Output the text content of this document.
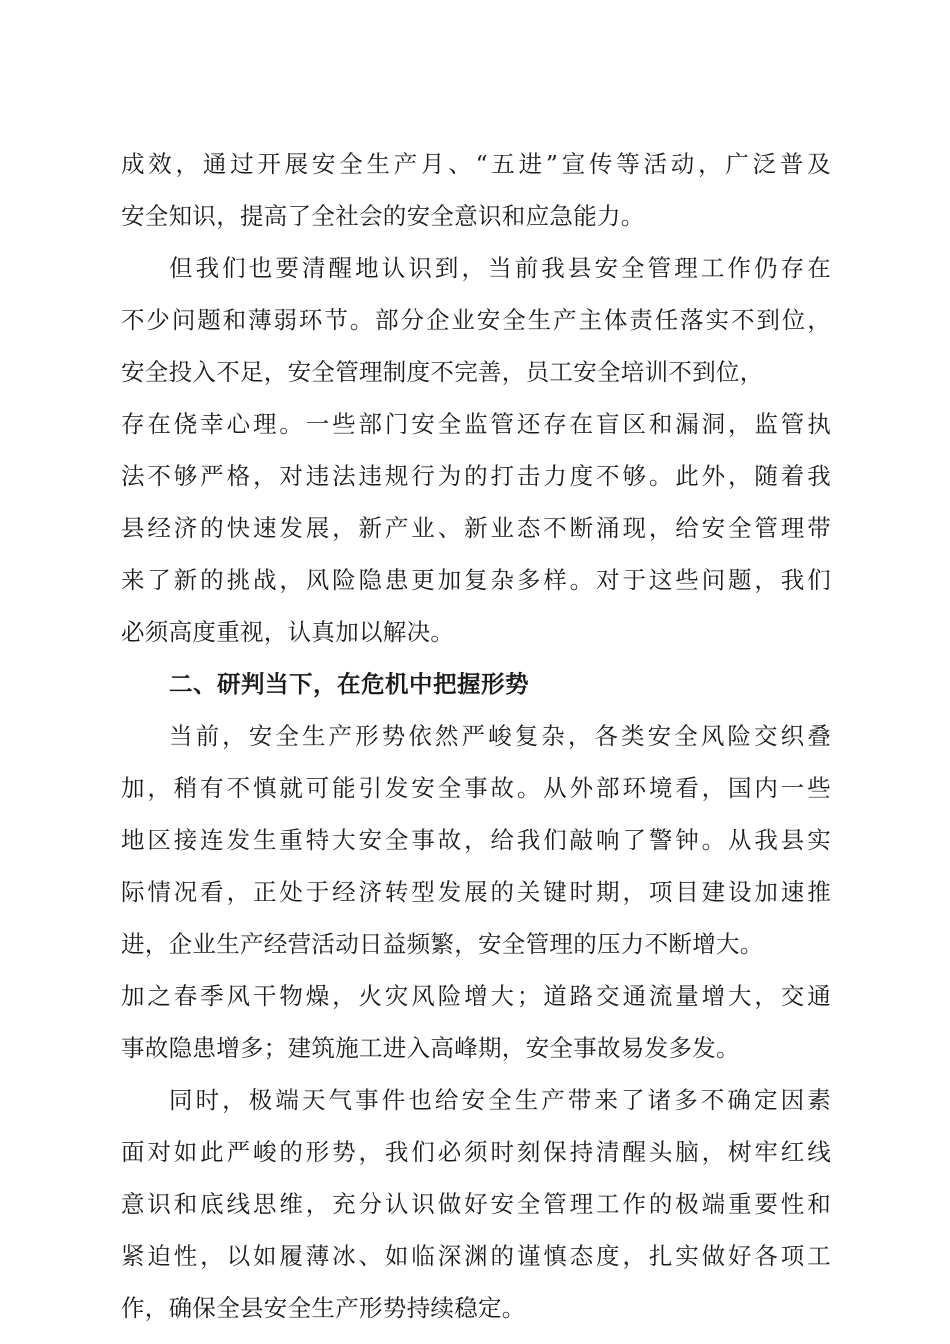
成效，通过开展安全生产月、“五进”宣传等活动，广泛普及
安全知识，提高了全社会的安全意识和应急能力。
但我们也要清醒地认识到，当前我县安全管理工作仍存在
不少问题和薄弱环节。部分企业安全生产主体责任落实不到位，
安全投入不足，安全管理制度不完善，员工安全培训不到位，
存在侥幸心理。一些部门安全监管还存在盲区和漏洞，监管执
法不够严格，对违法违规行为的打击力度不够。此外，随着我
县经济的快速发展，新产业、新业态不断涌现，给安全管理带
来了新的挑战，风险隐患更加复杂多样。对于这些问题，我们
必须高度重视，认真加以解决。
二、研判当下，在危机中把握形势
当前，安全生产形势依然严峻复杂，各类安全风险交织叠
加，稍有不慎就可能引发安全事故。从外部环境看，国内一些
地区接连发生重特大安全事故，给我们敲响了警钟。从我县实
际情况看，正处于经济转型发展的关键时期，项目建设加速推
进，企业生产经营活动日益频繁，安全管理的压力不断增大。
加之春季风干物燥，火灾风险增大；道路交通流量增大，交通
事故隐患增多；建筑施工进入高峰期，安全事故易发多发。
同时，极端天气事件也给安全生产带来了诸多不确定因素
面对如此严峻的形势，我们必须时刻保持清醒头脑，树牢红线
意识和底线思维，充分认识做好安全管理工作的极端重要性和
紧迫性，以如履薄冰、如临深渊的谨慎态度，扎实做好各项工
作，确保全县安全生产形势持续稳定。
